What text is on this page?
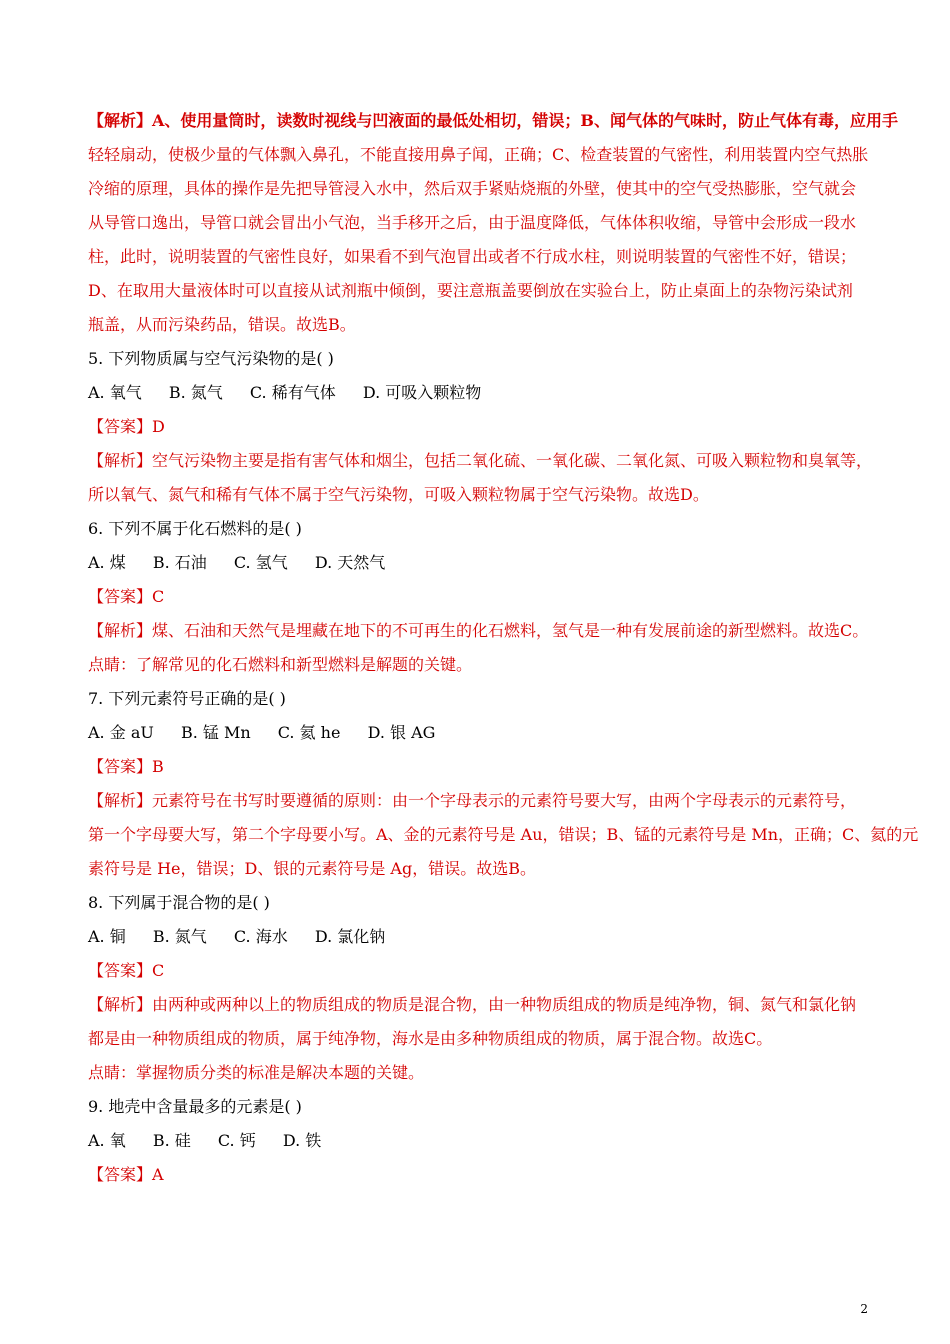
【解析】A、使用量筒时，读数时视线与凹液面的最低处相切，错误；B、闻气体的气味时，防止气体有毒，应用手
轻轻扇动，使极少量的气体飘入鼻孔，不能直接用鼻子闻，正确；C、检查装置的气密性，利用装置内空气热胀
冷缩的原理，具体的操作是先把导管浸入水中，然后双手紧贴烧瓶的外壁，使其中的空气受热膨胀，空气就会
从导管口逸出，导管口就会冒出小气泡，当手移开之后，由于温度降低，气体体积收缩，导管中会形成一段水
柱，此时，说明装置的气密性良好，如果看不到气泡冒出或者不行成水柱，则说明装置的气密性不好，错误；
D、在取用大量液体时可以直接从试剂瓶中倾倒，要注意瓶盖要倒放在实验台上，防止桌面上的杂物污染试剂
瓶盖，从而污染药品，错误。故选B。
5. 下列物质属与空气污染物的是( )
A. 氧气 B. 氮气 C. 稀有气体 D. 可吸入颗粒物
【答案】D
【解析】空气污染物主要是指有害气体和烟尘，包括二氧化硫、一氧化碳、二氧化氮、可吸入颗粒物和臭氧等，
所以氧气、氮气和稀有气体不属于空气污染物，可吸入颗粒物属于空气污染物。故选D。
6. 下列不属于化石燃料的是( )
A. 煤 B. 石油 C. 氢气 D. 天然气
【答案】C
【解析】煤、石油和天然气是埋藏在地下的不可再生的化石燃料，氢气是一种有发展前途的新型燃料。故选C。
点睛：了解常见的化石燃料和新型燃料是解题的关键。
7. 下列元素符号正确的是( )
A. 金 aU B. 锰 Mn C. 氦 he D. 银 AG
【答案】B
【解析】元素符号在书写时要遵循的原则：由一个字母表示的元素符号要大写，由两个字母表示的元素符号，
第一个字母要大写，第二个字母要小写。A、金的元素符号是 Au，错误；B、锰的元素符号是 Mn，正确；C、氦的元
素符号是 He，错误；D、银的元素符号是 Ag，错误。故选B。
8. 下列属于混合物的是( )
A. 铜 B. 氮气 C. 海水 D. 氯化钠
【答案】C
【解析】由两种或两种以上的物质组成的物质是混合物，由一种物质组成的物质是纯净物，铜、氮气和氯化钠
都是由一种物质组成的物质，属于纯净物，海水是由多种物质组成的物质，属于混合物。故选C。
点睛：掌握物质分类的标准是解决本题的关键。
9. 地壳中含量最多的元素是( )
A. 氧 B. 硅 C. 钙 D. 铁
【答案】A
2
